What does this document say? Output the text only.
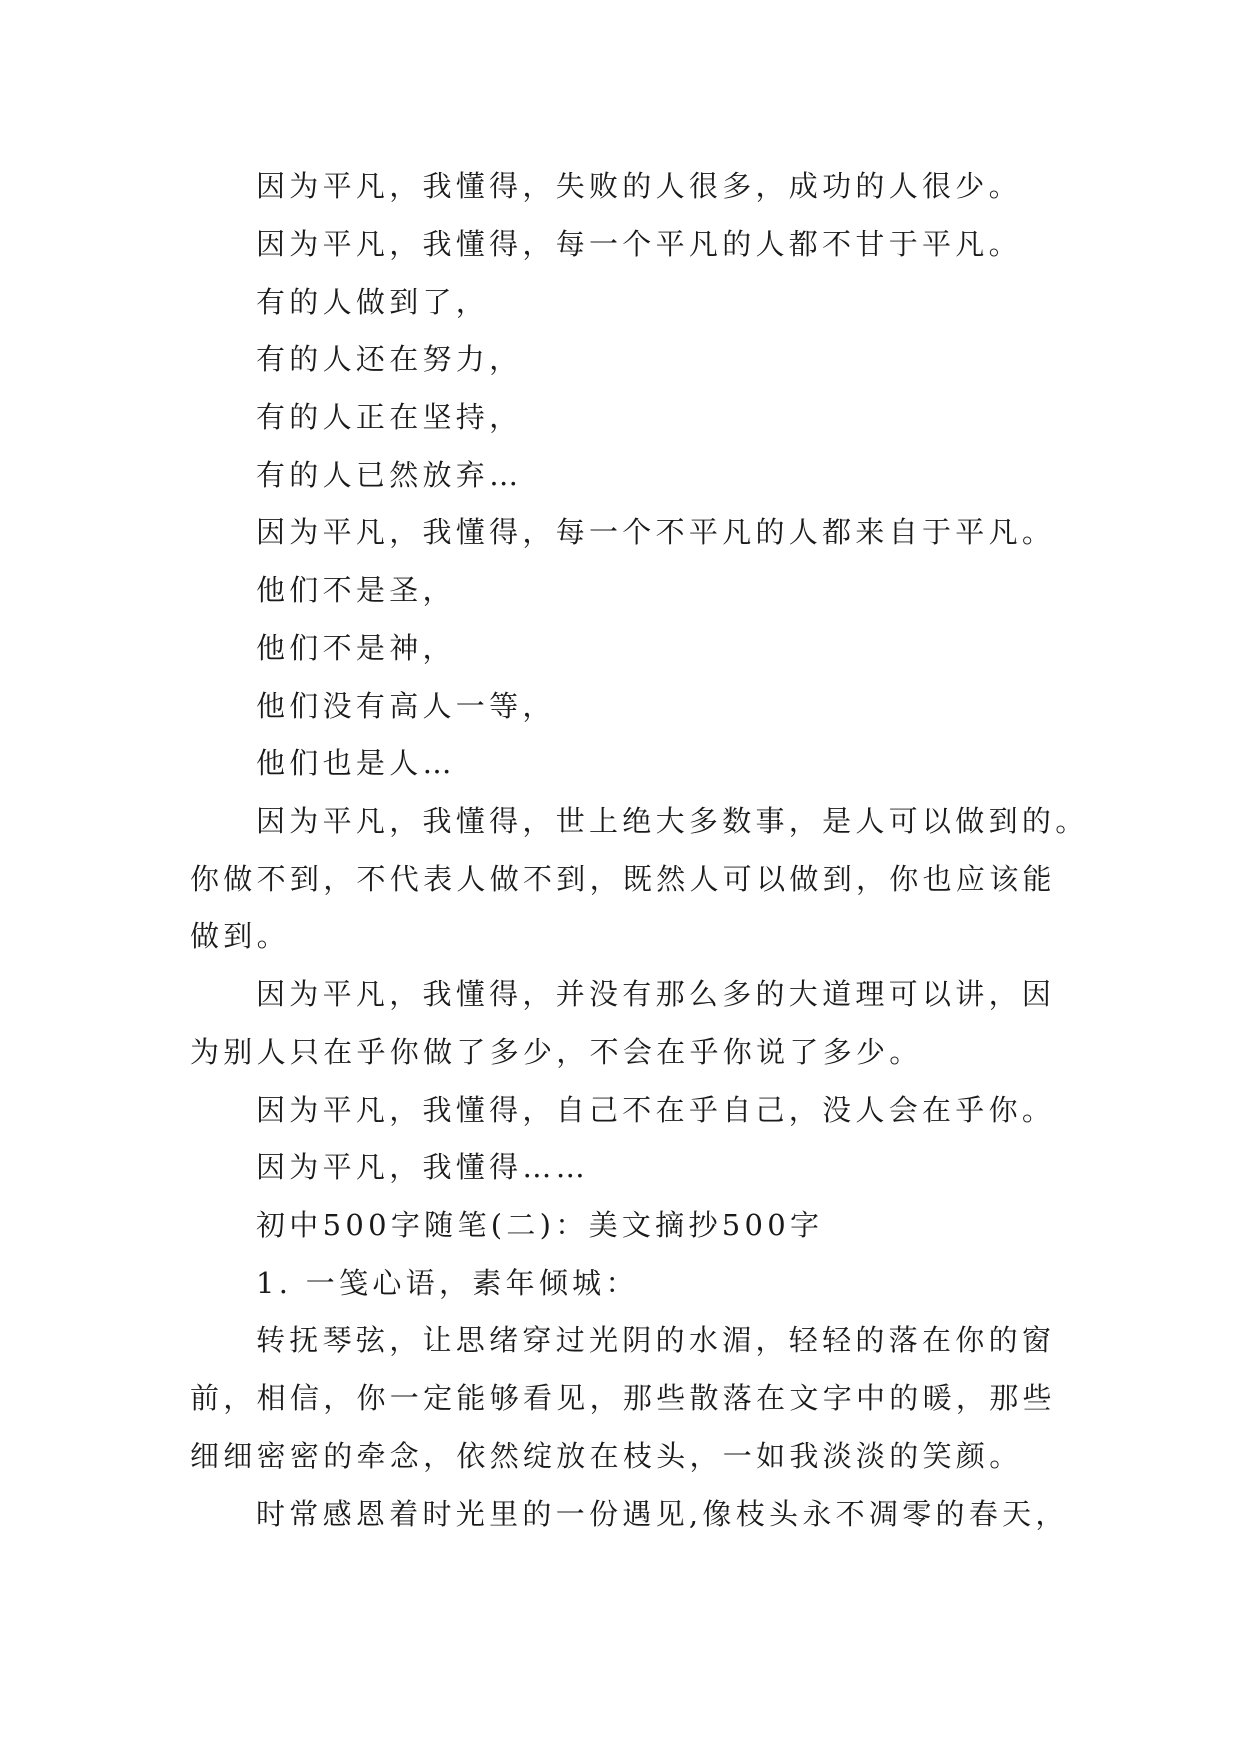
因为平凡，我懂得，失败的人很多，成功的人很少。
因为平凡，我懂得，每一个平凡的人都不甘于平凡。
有的人做到了，
有的人还在努力，
有的人正在坚持，
有的人已然放弃…
因为平凡，我懂得，每一个不平凡的人都来自于平凡。
他们不是圣，
他们不是神，
他们没有高人一等，
他们也是人…
因为平凡，我懂得，世上绝大多数事，是人可以做到的。
你做不到，不代表人做不到，既然人可以做到，你也应该能
做到。
因为平凡，我懂得，并没有那么多的大道理可以讲，因
为别人只在乎你做了多少，不会在乎你说了多少。
因为平凡，我懂得，自己不在乎自己，没人会在乎你。
因为平凡，我懂得……
初中500字随笔(二)：美文摘抄500字
1. 一笺心语，素年倾城：
转抚琴弦，让思绪穿过光阴的水湄，轻轻的落在你的窗
前，相信，你一定能够看见，那些散落在文字中的暖，那些
细细密密的牵念，依然绽放在枝头，一如我淡淡的笑颜。
时常感恩着时光里的一份遇见,像枝头永不凋零的春天，
